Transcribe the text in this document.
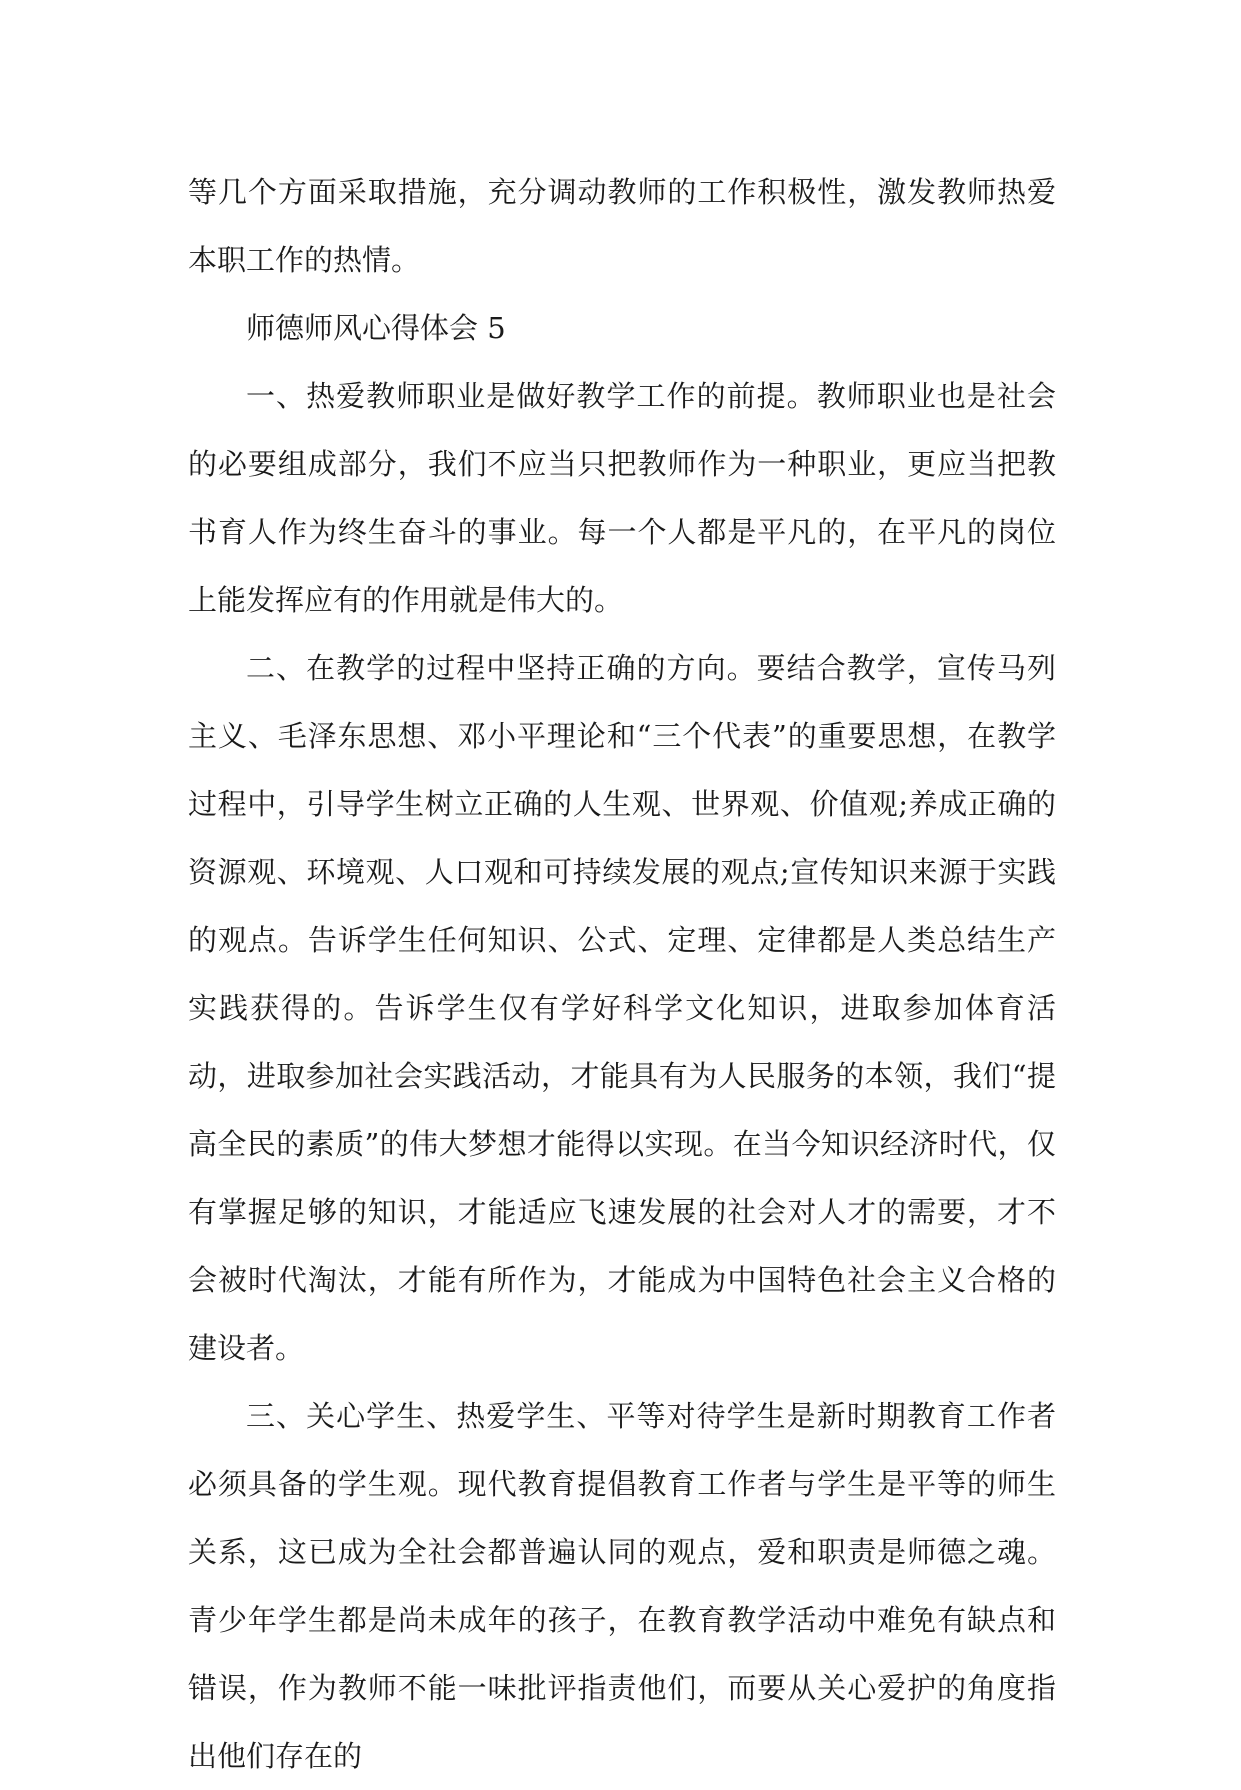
等几个方面采取措施，充分调动教师的工作积极性，激发教师热爱本职工作的热情。

师德师风心得体会 5

一、热爱教师职业是做好教学工作的前提。教师职业也是社会的必要组成部分，我们不应当只把教师作为一种职业，更应当把教书育人作为终生奋斗的事业。每一个人都是平凡的，在平凡的岗位上能发挥应有的作用就是伟大的。

二、在教学的过程中坚持正确的方向。要结合教学，宣传马列主义、毛泽东思想、邓小平理论和“三个代表”的重要思想，在教学过程中，引导学生树立正确的人生观、世界观、价值观;养成正确的资源观、环境观、人口观和可持续发展的观点;宣传知识来源于实践的观点。告诉学生任何知识、公式、定理、定律都是人类总结生产实践获得的。告诉学生仅有学好科学文化知识，进取参加体育活动，进取参加社会实践活动，才能具有为人民服务的本领，我们“提高全民的素质”的伟大梦想才能得以实现。在当今知识经济时代，仅有掌握足够的知识，才能适应飞速发展的社会对人才的需要，才不会被时代淘汰，才能有所作为，才能成为中国特色社会主义合格的建设者。

三、关心学生、热爱学生、平等对待学生是新时期教育工作者必须具备的学生观。现代教育提倡教育工作者与学生是平等的师生关系，这已成为全社会都普遍认同的观点，爱和职责是师德之魂。青少年学生都是尚未成年的孩子，在教育教学活动中难免有缺点和错误，作为教师不能一味批评指责他们，而要从关心爱护的角度指出他们存在的
